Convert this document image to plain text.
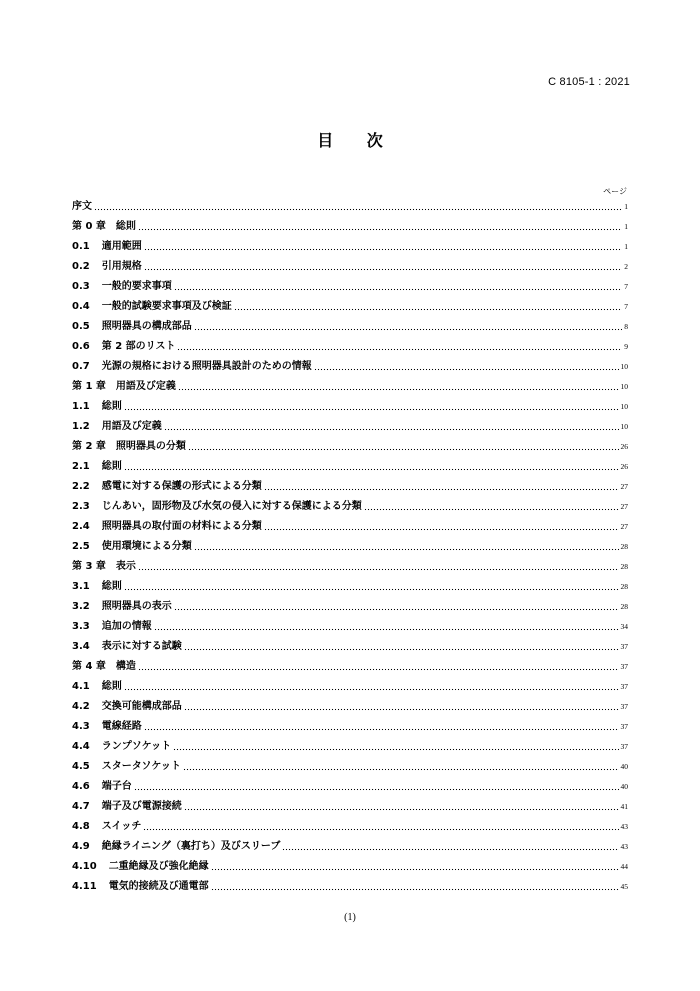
C 8105-1 : 2021
目 次
ページ
序文	1
第 0 章　総則	1
0.1 適用範囲	1
0.2 引用規格	2
0.3 一般的要求事項	7
0.4 一般的試験要求事項及び検証	7
0.5 照明器具の構成部品	8
0.6 第 2 部のリスト	9
0.7 光源の規格における照明器具設計のための情報	10
第 1 章　用語及び定義	10
1.1 総則	10
1.2 用語及び定義	10
第 2 章　照明器具の分類	26
2.1 総則	26
2.2 感電に対する保護の形式による分類	27
2.3 じんあい，固形物及び水気の侵入に対する保護による分類	27
2.4 照明器具の取付面の材料による分類	27
2.5 使用環境による分類	28
第 3 章　表示	28
3.1 総則	28
3.2 照明器具の表示	28
3.3 追加の情報	34
3.4 表示に対する試験	37
第 4 章　構造	37
4.1 総則	37
4.2 交換可能構成部品	37
4.3 電線経路	37
4.4 ランプソケット	37
4.5 スタータソケット	40
4.6 端子台	40
4.7 端子及び電源接続	41
4.8 スイッチ	43
4.9 絶縁ライニング（裏打ち）及びスリーブ	43
4.10 二重絶縁及び強化絶縁	44
4.11 電気的接続及び通電部	45
(1)
